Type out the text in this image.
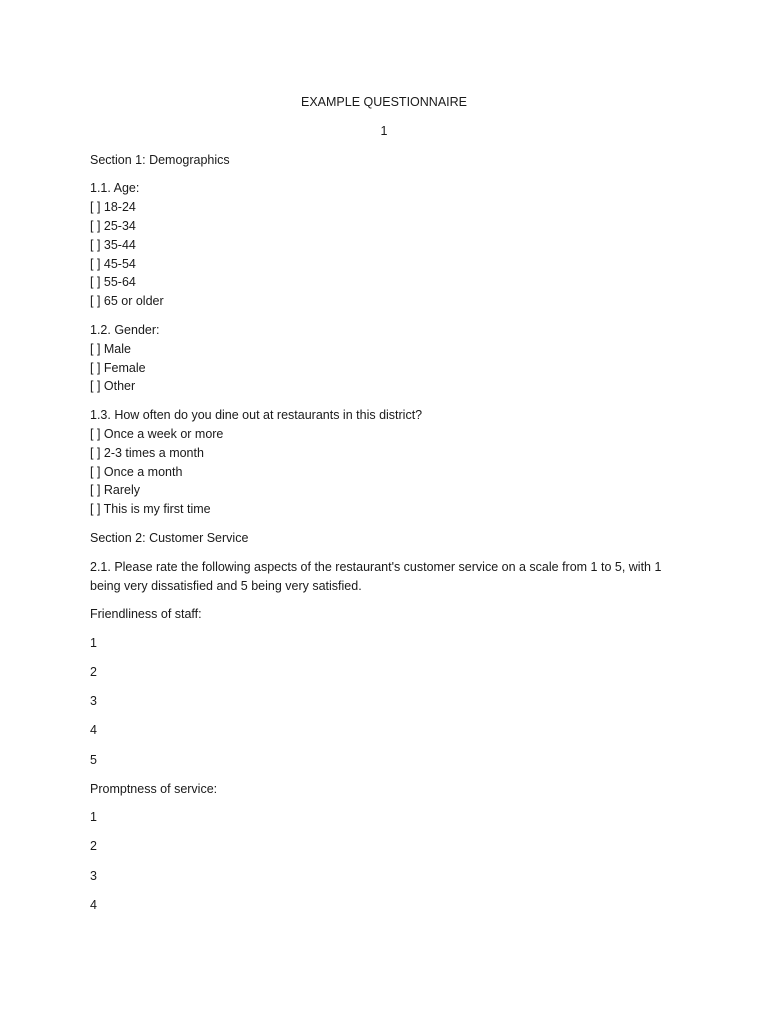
EXAMPLE QUESTIONNAIRE
1
Section 1: Demographics
1.1. Age:
[ ] 18-24
[ ] 25-34
[ ] 35-44
[ ] 45-54
[ ] 55-64
[ ] 65 or older
1.2. Gender:
[ ] Male
[ ] Female
[ ] Other
1.3. How often do you dine out at restaurants in this district?
[ ] Once a week or more
[ ] 2-3 times a month
[ ] Once a month
[ ] Rarely
[ ] This is my first time
Section 2: Customer Service
2.1. Please rate the following aspects of the restaurant's customer service on a scale from 1 to 5, with 1 being very dissatisfied and 5 being very satisfied.
Friendliness of staff:
1
2
3
4
5
Promptness of service:
1
2
3
4
